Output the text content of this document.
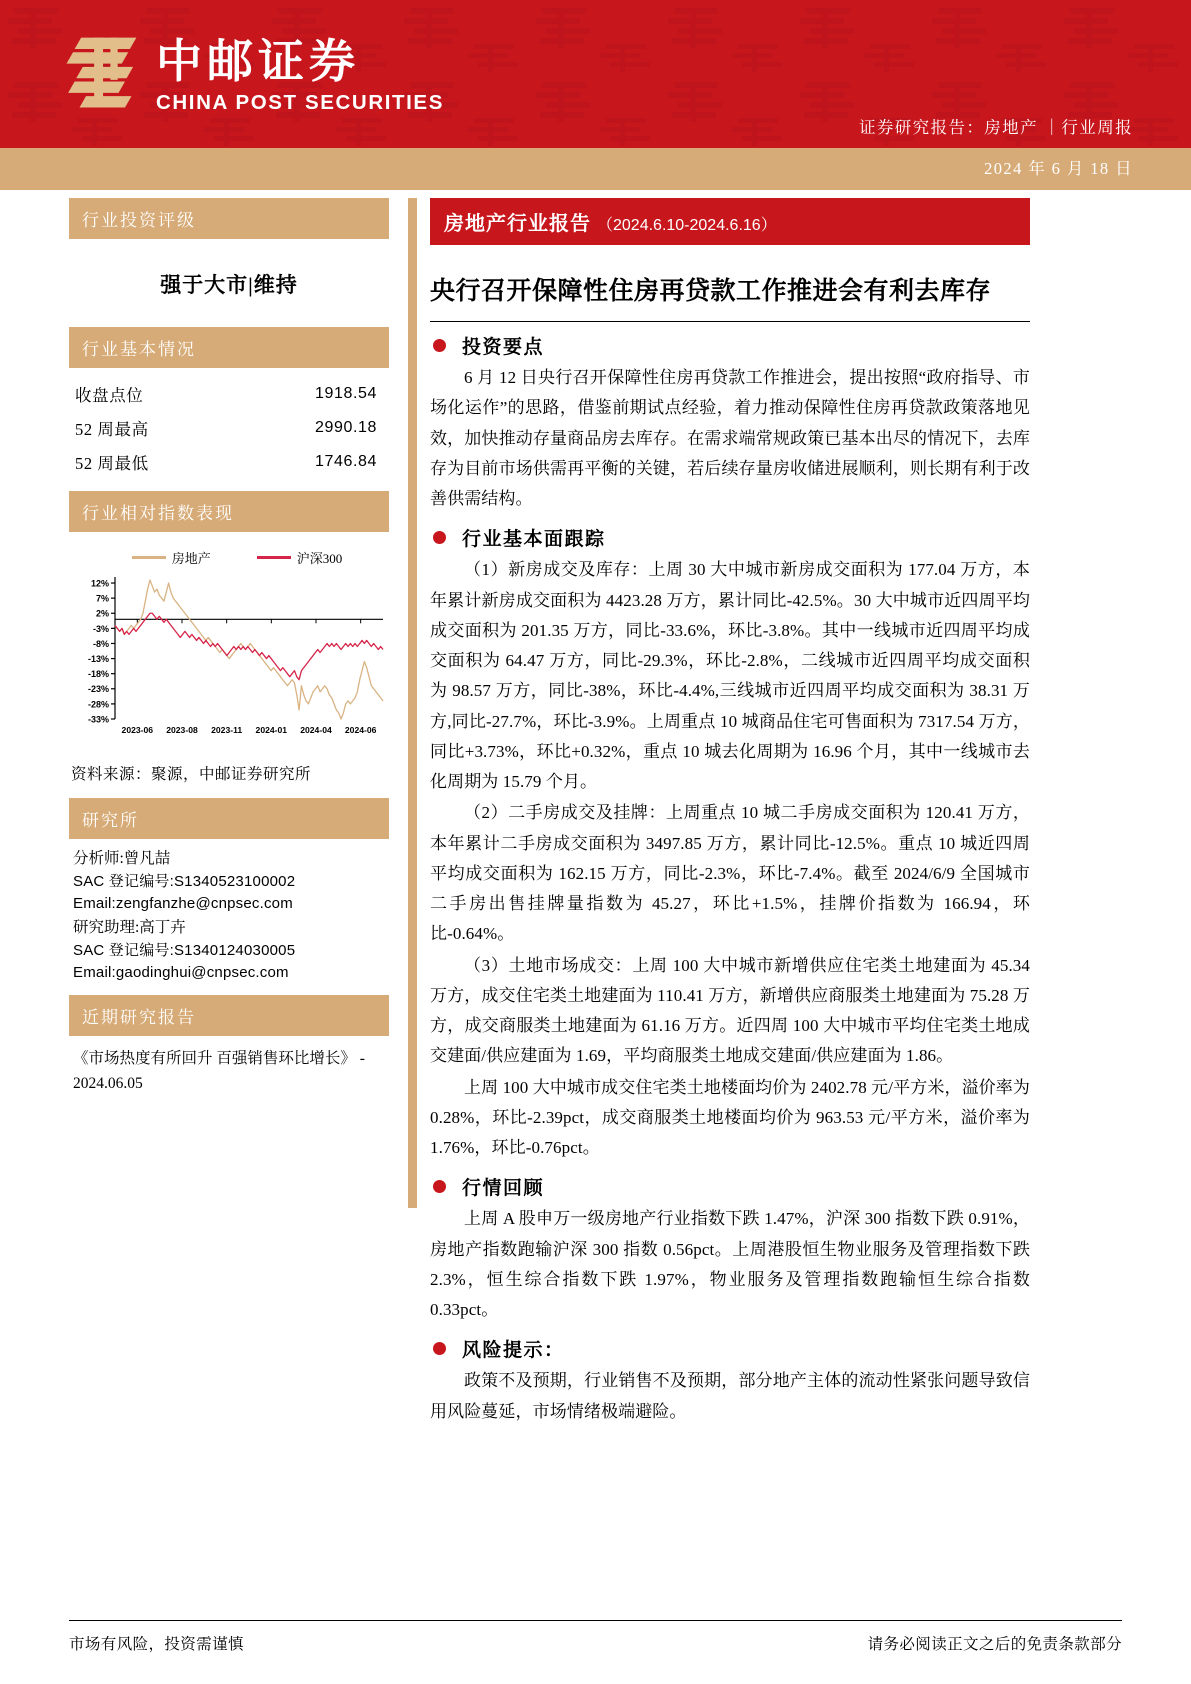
中邮证券
CHINA POST SECURITIES
证券研究报告：房地产 ｜行业周报
2024 年 6 月 18 日
行业投资评级
强于大市|维持
行业基本情况
收盘点位	1918.54
52 周最高	2990.18
52 周最低	1746.84
行业相对指数表现
房地产	沪深300
12%
7%
2%
-3%
-8%
-13%
-18%
-23%
-28%
-33%
2023-06 2023-08 2023-11 2024-01 2024-04 2024-06
资料来源：聚源，中邮证券研究所
研究所
分析师:曾凡喆
SAC 登记编号:S1340523100002
Email:zengfanzhe@cnpsec.com
研究助理:高丁卉
SAC 登记编号:S1340124030005
Email:gaodinghui@cnpsec.com
近期研究报告
《市场热度有所回升 百强销售环比增长》 - 2024.06.05
房地产行业报告 （2024.6.10-2024.6.16）
央行召开保障性住房再贷款工作推进会有利去库存
投资要点

6 月 12 日央行召开保障性住房再贷款工作推进会，提出按照“政府指导、市场化运作”的思路，借鉴前期试点经验，着力推动保障性住房再贷款政策落地见效，加快推动存量商品房去库存。在需求端常规政策已基本出尽的情况下，去库存为目前市场供需再平衡的关键，若后续存量房收储进展顺利，则长期有利于改善供需结构。

行业基本面跟踪

（1）新房成交及库存：上周 30 大中城市新房成交面积为 177.04 万方，本年累计新房成交面积为 4423.28 万方，累计同比-42.5%。30 大中城市近四周平均成交面积为 201.35 万方，同比-33.6%，环比-3.8%。其中一线城市近四周平均成交面积为 64.47 万方，同比-29.3%，环比-2.8%，二线城市近四周平均成交面积为 98.57 万方，同比-38%，环比-4.4%,三线城市近四周平均成交面积为 38.31 万方,同比-27.7%，环比-3.9%。上周重点 10 城商品住宅可售面积为 7317.54 万方，同比+3.73%，环比+0.32%，重点 10 城去化周期为 16.96 个月，其中一线城市去化周期为 15.79 个月。

（2）二手房成交及挂牌：上周重点 10 城二手房成交面积为 120.41 万方，本年累计二手房成交面积为 3497.85 万方，累计同比-12.5%。重点 10 城近四周平均成交面积为 162.15 万方，同比-2.3%，环比-7.4%。截至 2024/6/9 全国城市二手房出售挂牌量指数为 45.27，环比+1.5%，挂牌价指数为 166.94，环比-0.64%。

（3）土地市场成交：上周 100 大中城市新增供应住宅类土地建面为 45.34 万方，成交住宅类土地建面为 110.41 万方，新增供应商服类土地建面为 75.28 万方，成交商服类土地建面为 61.16 万方。近四周 100 大中城市平均住宅类土地成交建面/供应建面为 1.69，平均商服类土地成交建面/供应建面为 1.86。

上周 100 大中城市成交住宅类土地楼面均价为 2402.78 元/平方米，溢价率为 0.28%，环比-2.39pct，成交商服类土地楼面均价为 963.53 元/平方米，溢价率为 1.76%，环比-0.76pct。

行情回顾

上周 A 股申万一级房地产行业指数下跌 1.47%，沪深 300 指数下跌 0.91%，房地产指数跑输沪深 300 指数 0.56pct。上周港股恒生物业服务及管理指数下跌 2.3%，恒生综合指数下跌 1.97%，物业服务及管理指数跑输恒生综合指数 0.33pct。

风险提示：

政策不及预期，行业销售不及预期，部分地产主体的流动性紧张问题导致信用风险蔓延，市场情绪极端避险。

市场有风险，投资需谨慎	请务必阅读正文之后的免责条款部分
